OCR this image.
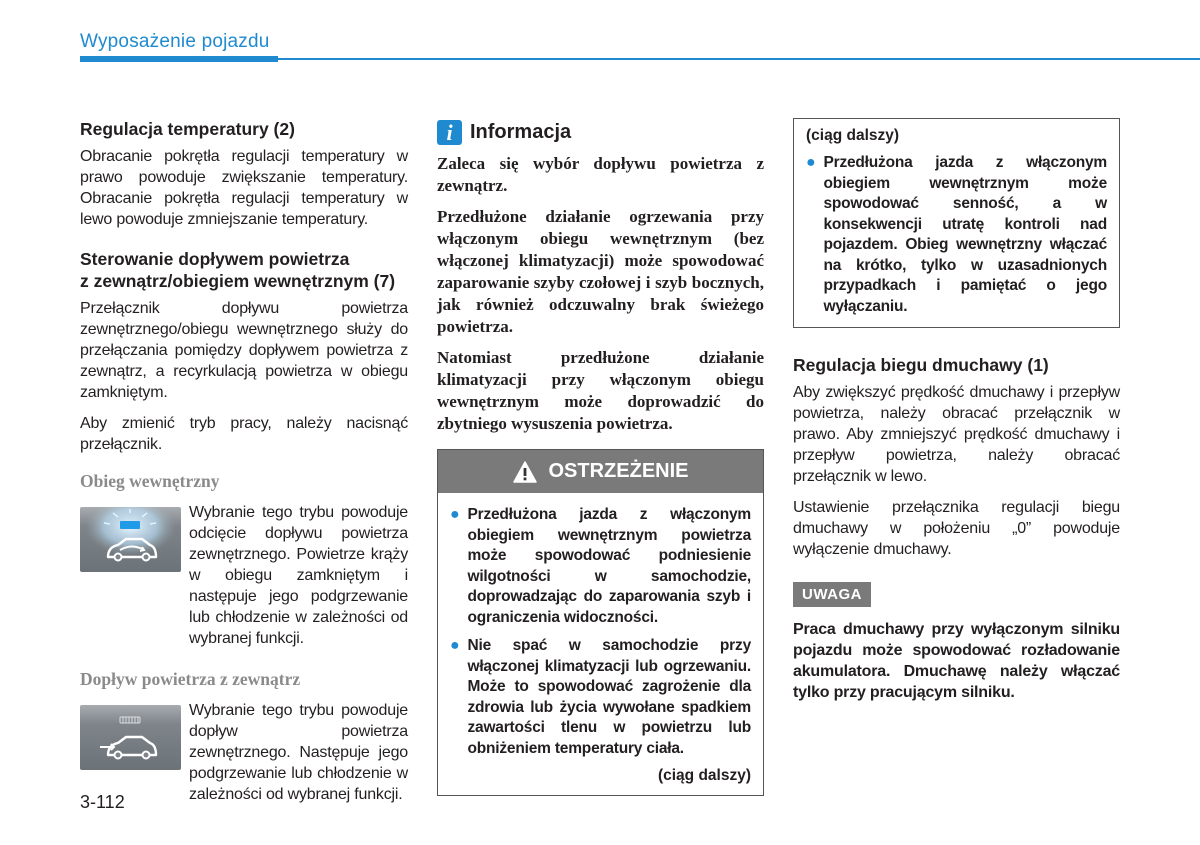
Wyposażenie pojazdu
Regulacja temperatury (2)
Obracanie pokrętła regulacji temperatury w prawo powoduje zwiększanie temperatury. Obracanie pokrętła regulacji temperatury w lewo powoduje zmniejszanie temperatury.
Sterowanie dopływem powietrza
z zewnątrz/obiegiem wewnętrznym (7)
Przełącznik dopływu powietrza zewnętrznego/obiegu wewnętrznego służy do przełączania pomiędzy dopływem powietrza z zewnątrz, a recyrkulacją powietrza w obiegu zamkniętym.
Aby zmienić tryb pracy, należy nacisnąć przełącznik.
Obieg wewnętrzny
Wybranie tego trybu powoduje odcięcie dopływu powietrza zewnętrznego. Powietrze krąży w obiegu zamkniętym i następuje jego podgrzewanie lub chłodzenie w zależności od wybranej funkcji.
Dopływ powietrza z zewnątrz
Wybranie tego trybu powoduje dopływ powietrza zewnętrznego. Następuje jego podgrzewanie lub chłodzenie w zależności od wybranej funkcji.
i Informacja
Zaleca się wybór dopływu powietrza z zewnątrz.
Przedłużone działanie ogrzewania przy włączonym obiegu wewnętrznym (bez włączonej klimatyzacji) może spowodować zaparowanie szyby czołowej i szyb bocznych, jak również odczuwalny brak świeżego powietrza.
Natomiast przedłużone działanie klimatyzacji przy włączonym obiegu wewnętrznym może doprowadzić do zbytniego wysuszenia powietrza.
OSTRZEŻENIE
● Przedłużona jazda z włączonym obiegiem wewnętrznym powietrza może spowodować podniesienie wilgotności w samochodzie, doprowadzając do zaparowania szyb i ograniczenia widoczności.
● Nie spać w samochodzie przy włączonej klimatyzacji lub ogrzewaniu. Może to spowodować zagrożenie dla zdrowia lub życia wywołane spadkiem zawartości tlenu w powietrzu lub obniżeniem temperatury ciała.
(ciąg dalszy)
(ciąg dalszy)
● Przedłużona jazda z włączonym obiegiem wewnętrznym może spowodować senność, a w konsekwencji utratę kontroli nad pojazdem. Obieg wewnętrzny włączać na krótko, tylko w uzasadnionych przypadkach i pamiętać o jego wyłączaniu.
Regulacja biegu dmuchawy (1)
Aby zwiększyć prędkość dmuchawy i przepływ powietrza, należy obracać przełącznik w prawo. Aby zmniejszyć prędkość dmuchawy i przepływ powietrza, należy obracać przełącznik w lewo.
Ustawienie przełącznika regulacji biegu dmuchawy w położeniu „0” powoduje wyłączenie dmuchawy.
UWAGA
Praca dmuchawy przy wyłączonym silniku pojazdu może spowodować rozładowanie akumulatora. Dmuchawę należy włączać tylko przy pracującym silniku.
3-112
